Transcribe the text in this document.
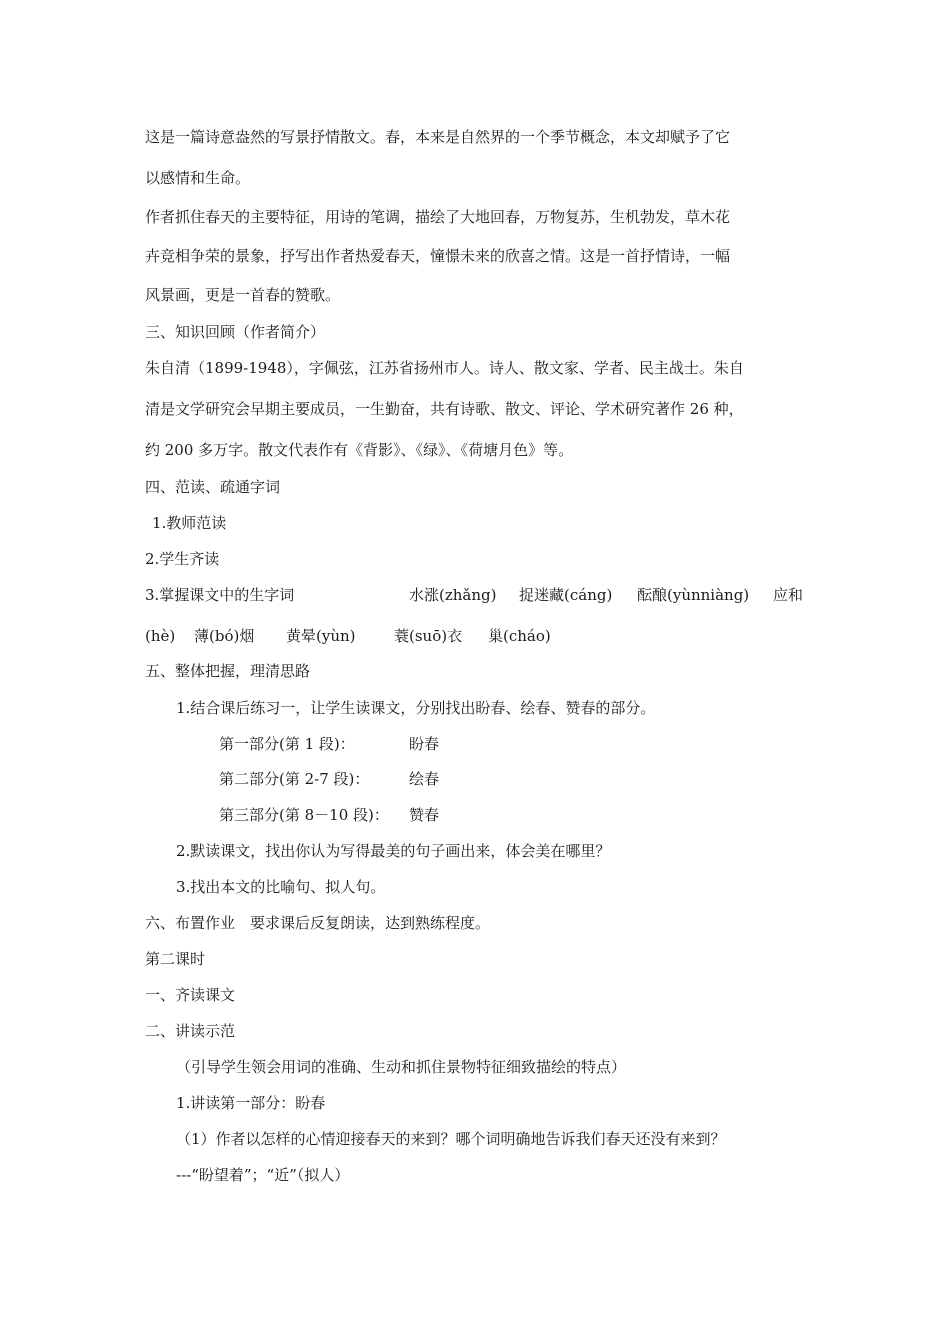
这是一篇诗意盎然的写景抒情散文。春，本来是自然界的一个季节概念，本文却赋予了它
以感情和生命。
作者抓住春天的主要特征，用诗的笔调，描绘了大地回春，万物复苏，生机勃发，草木花
卉竞相争荣的景象，抒写出作者热爱春天，憧憬未来的欣喜之情。这是一首抒情诗，一幅
风景画，更是一首春的赞歌。
三、知识回顾（作者简介）
朱自清（1899-1948），字佩弦，江苏省扬州市人。诗人、散文家、学者、民主战士。朱自
清是文学研究会早期主要成员，一生勤奋，共有诗歌、散文、评论、学术研究著作 26 种，
约 200 多万字。散文代表作有《背影》、《绿》、《荷塘月色》等。
四、范读、疏通字词
1.教师范读
2.学生齐读
3.掌握课文中的生字词	水涨(zhǎng) 捉迷藏(cáng) 酝酿(yùnniàng) 应和
(hè) 薄(bó)烟 黄晕(yùn)	蓑(suō)衣 巢(cháo)
五、整体把握，理清思路
1.结合课后练习一，让学生读课文，分别找出盼春、绘春、赞春的部分。
第一部分(第 1 段)：	盼春
第二部分(第 2-7 段)：	绘春
第三部分(第 8－10 段)： 赞春
2.默读课文，找出你认为写得最美的句子画出来，体会美在哪里？
3.找出本文的比喻句、拟人句。
六、布置作业　要求课后反复朗读，达到熟练程度。
第二课时
一、齐读课文
二、讲读示范
（引导学生领会用词的准确、生动和抓住景物特征细致描绘的特点）
1.讲读第一部分：盼春
（1）作者以怎样的心情迎接春天的来到？哪个词明确地告诉我们春天还没有来到？
---“盼望着”；“近”（拟人）
